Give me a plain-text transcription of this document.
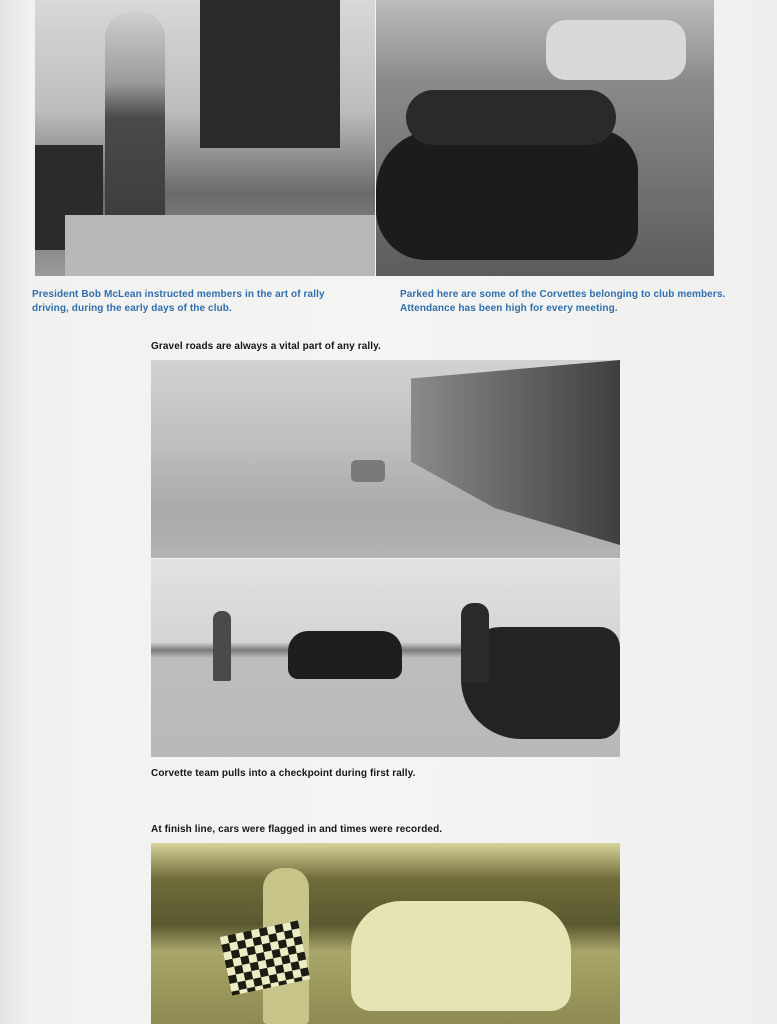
President Bob McLean instructed members in the art of rally driving, during the early days of the club.
Parked here are some of the Corvettes belonging to club members. Attendance has been high for every meeting.
Gravel roads are always a vital part of any rally.
Corvette team pulls into a checkpoint during first rally.
At finish line, cars were flagged in and times were recorded.
